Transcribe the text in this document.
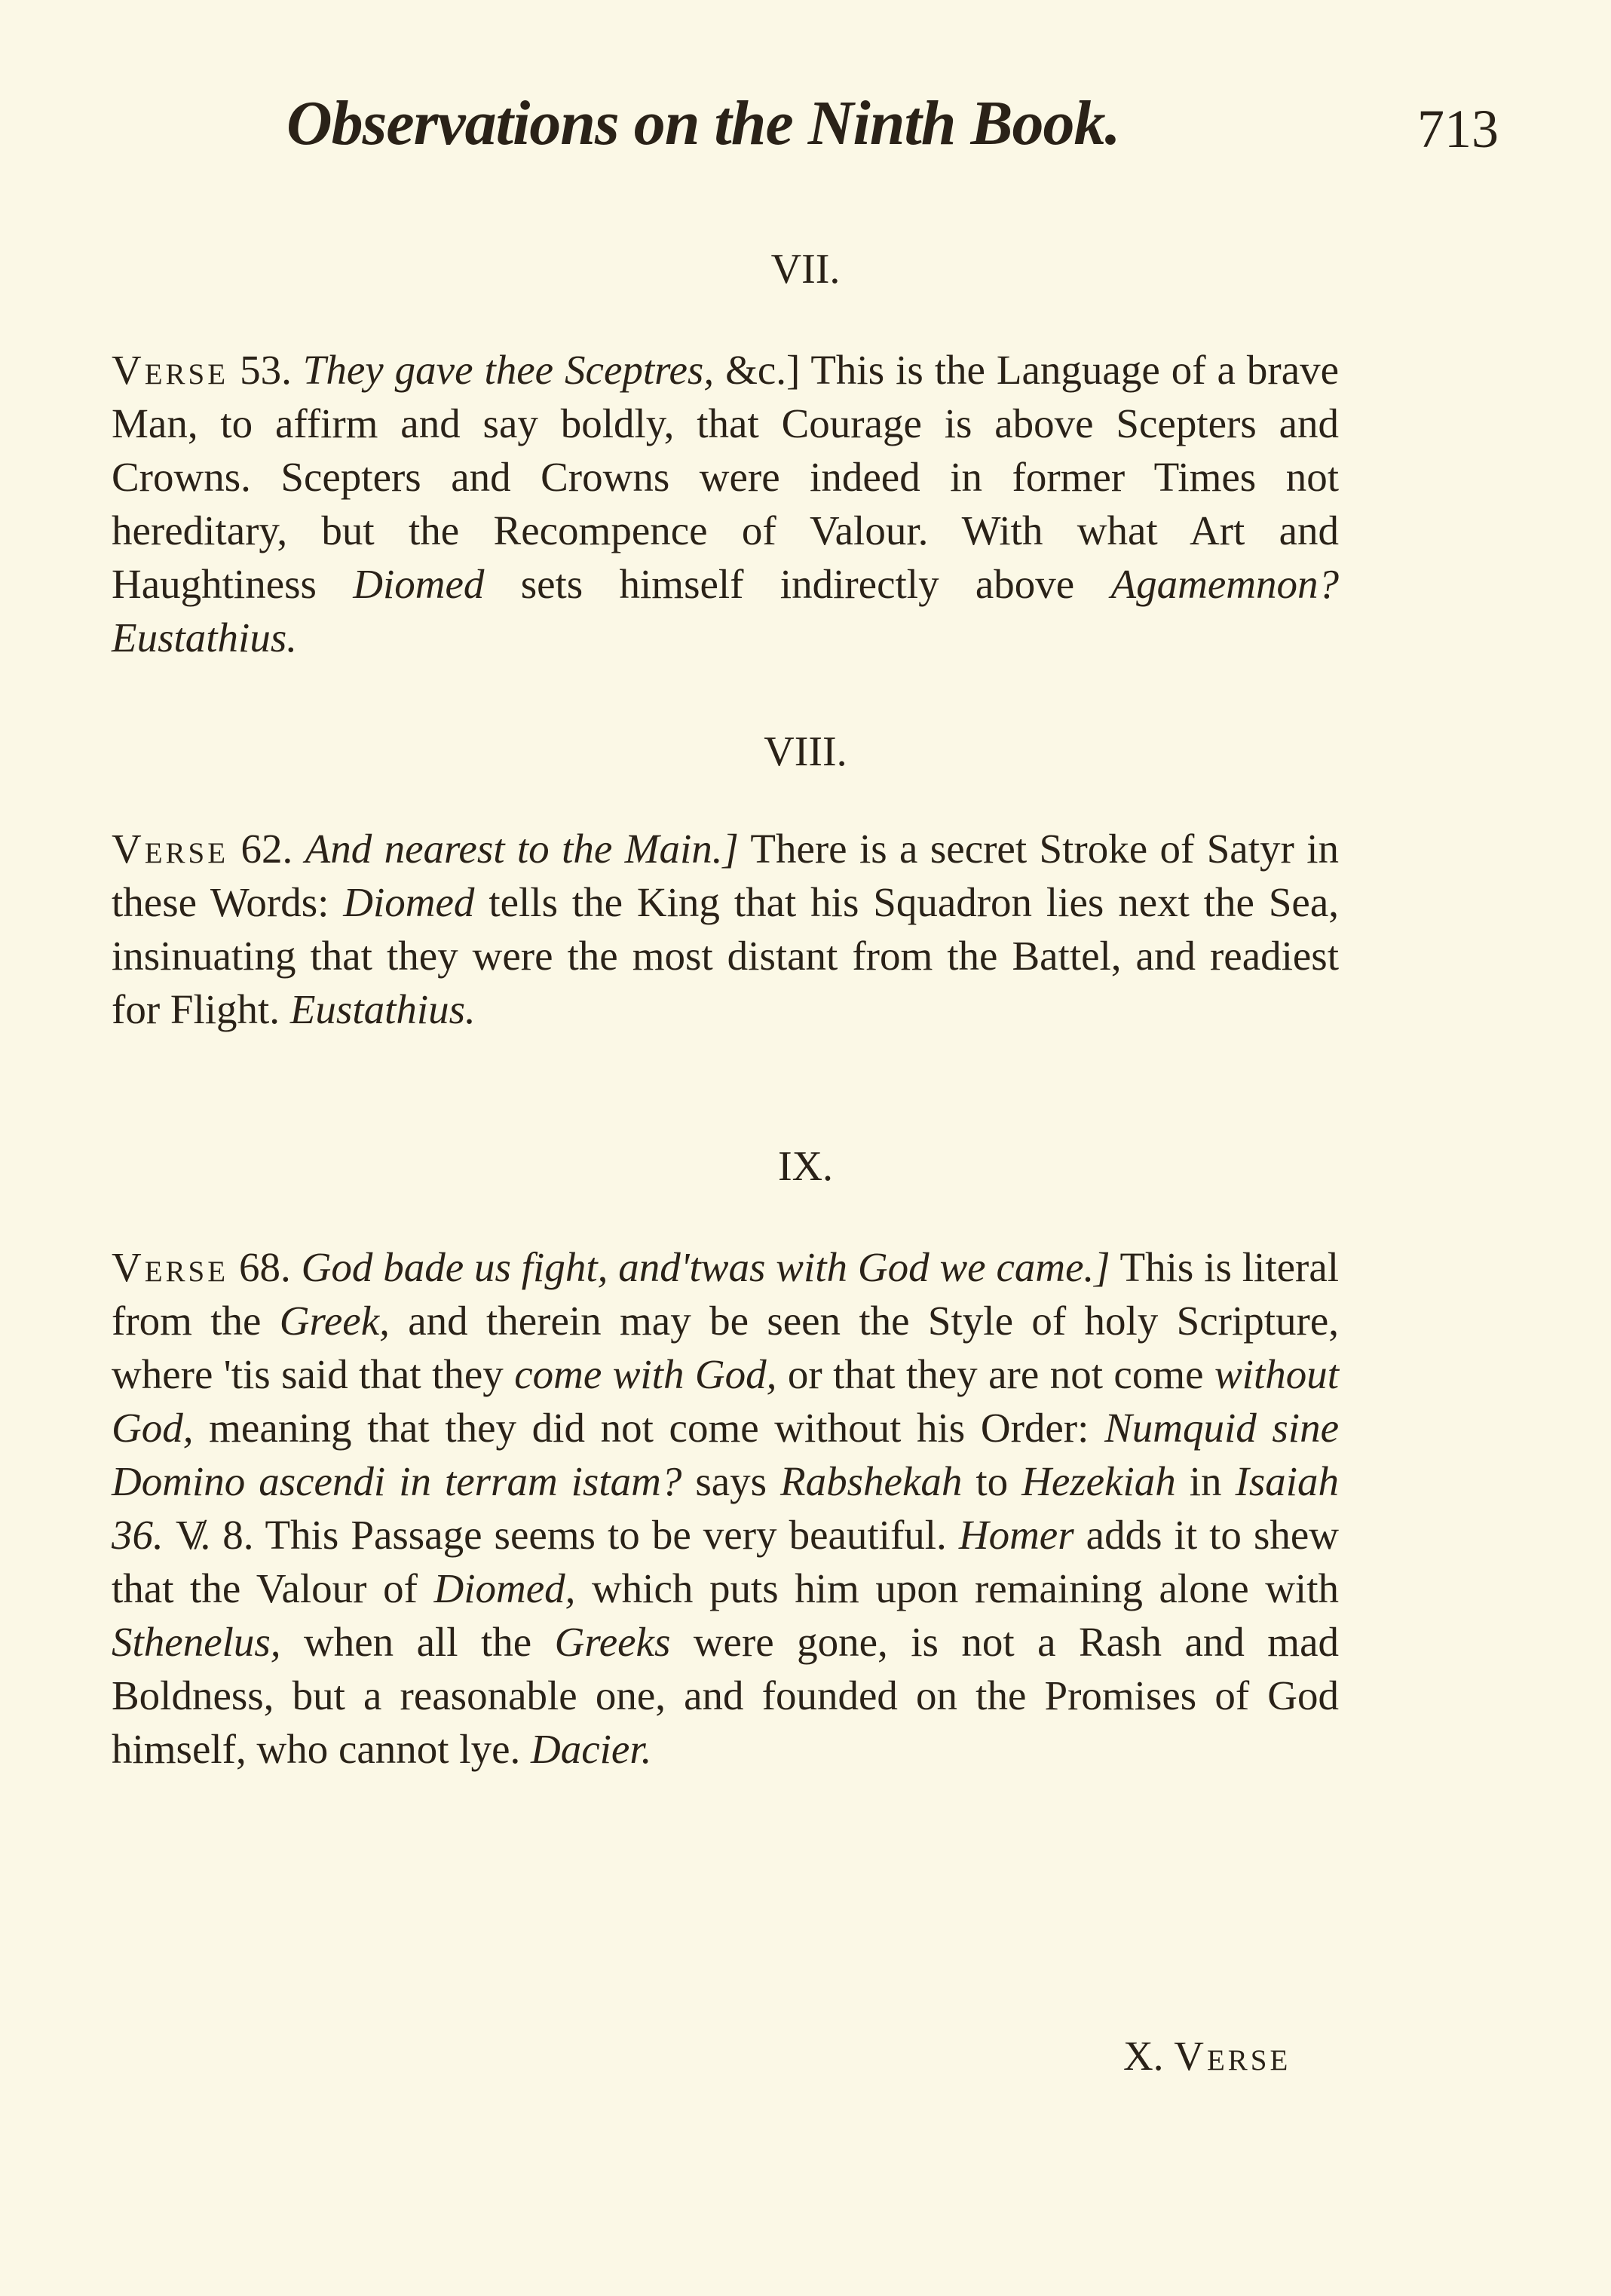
Observations on the Ninth Book.	713
VII.
Verse 53. They gave thee Sceptres, &c.] This is the Language of a brave Man, to affirm and say boldly, that Courage is above Scepters and Crowns. Scepters and Crowns were indeed in former Times not hereditary, but the Recompence of Valour. With what Art and Haughtiness Diomed sets himself indirectly above Agamemnon? Eustathius.
VIII.
Verse 62. And nearest to the Main.] There is a secret Stroke of Satyr in these Words: Diomed tells the King that his Squadron lies next the Sea, insinuating that they were the most distant from the Battel, and readiest for Flight. Eustathius.
IX.
Verse 68. God bade us fight, and'twas with God we came.] This is literal from the Greek, and therein may be seen the Style of holy Scripture, where 'tis said that they come with God, or that they are not come without God, meaning that they did not come without his Order: Numquid sine Domino ascendi in terram istam? says Rabshekah to Hezekiah in Isaiah 36. V̸. 8. This Passage seems to be very beautiful. Homer adds it to shew that the Valour of Diomed, which puts him upon remaining alone with Sthenelus, when all the Greeks were gone, is not a Rash and mad Boldness, but a reasonable one, and founded on the Promises of God himself, who cannot lye. Dacier.
X. Verse
